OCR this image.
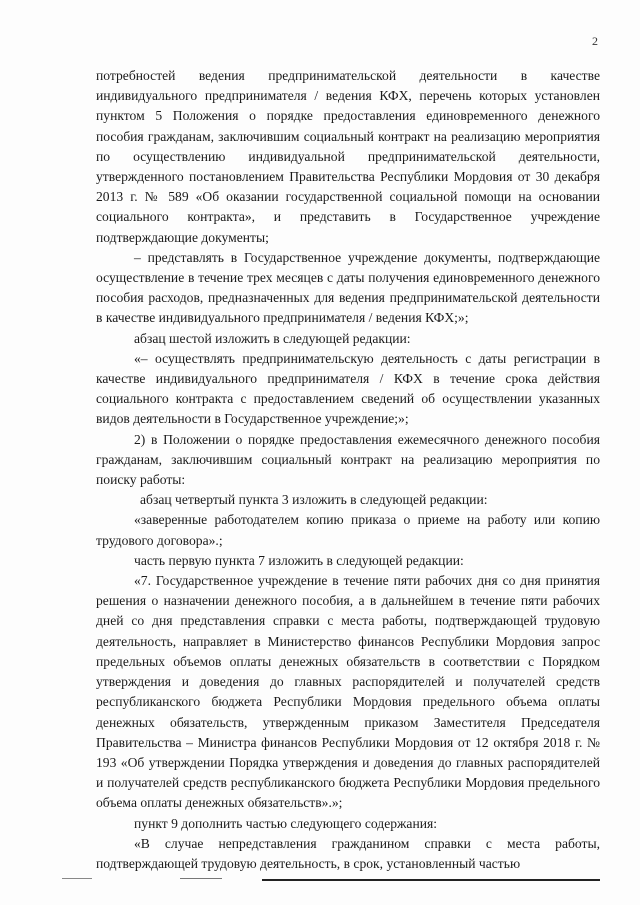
2

потребностей ведения предпринимательской деятельности в качестве индивидуального предпринимателя / ведения КФХ, перечень которых установлен пунктом 5 Положения о порядке предоставления единовременного денежного пособия гражданам, заключившим социальный контракт на реализацию мероприятия по осуществлению индивидуальной предпринимательской деятельности, утвержденного постановлением Правительства Республики Мордовия от 30 декабря 2013 г. № 589 «Об оказании государственной социальной помощи на основании социального контракта», и представить в Государственное учреждение подтверждающие документы;

– представлять в Государственное учреждение документы, подтверждающие осуществление в течение трех месяцев с даты получения единовременного денежного пособия расходов, предназначенных для ведения предпринимательской деятельности в качестве индивидуального предпринимателя / ведения КФХ;»;

абзац шестой изложить в следующей редакции:

«– осуществлять предпринимательскую деятельность с даты регистрации в качестве индивидуального предпринимателя / КФХ в течение срока действия социального контракта с предоставлением сведений об осуществлении указанных видов деятельности в Государственное учреждение;»;

2) в Положении о порядке предоставления ежемесячного денежного пособия гражданам, заключившим социальный контракт на реализацию мероприятия по поиску работы:

абзац четвертый пункта 3 изложить в следующей редакции:

«заверенные работодателем копию приказа о приеме на работу или копию трудового договора».;

часть первую пункта 7 изложить в следующей редакции:

«7. Государственное учреждение в течение пяти рабочих дня со дня принятия решения о назначении денежного пособия, а в дальнейшем в течение пяти рабочих дней со дня представления справки с места работы, подтверждающей трудовую деятельность, направляет в Министерство финансов Республики Мордовия запрос предельных объемов оплаты денежных обязательств в соответствии с Порядком утверждения и доведения до главных распорядителей и получателей средств республиканского бюджета Республики Мордовия предельного объема оплаты денежных обязательств, утвержденным приказом Заместителя Председателя Правительства – Министра финансов Республики Мордовия от 12 октября 2018 г. № 193 «Об утверждении Порядка утверждения и доведения до главных распорядителей и получателей средств республиканского бюджета Республики Мордовия предельного объема оплаты денежных обязательств».»;

пункт 9 дополнить частью следующего содержания:

«В случае непредставления гражданином справки с места работы, подтверждающей трудовую деятельность, в срок, установленный частью
